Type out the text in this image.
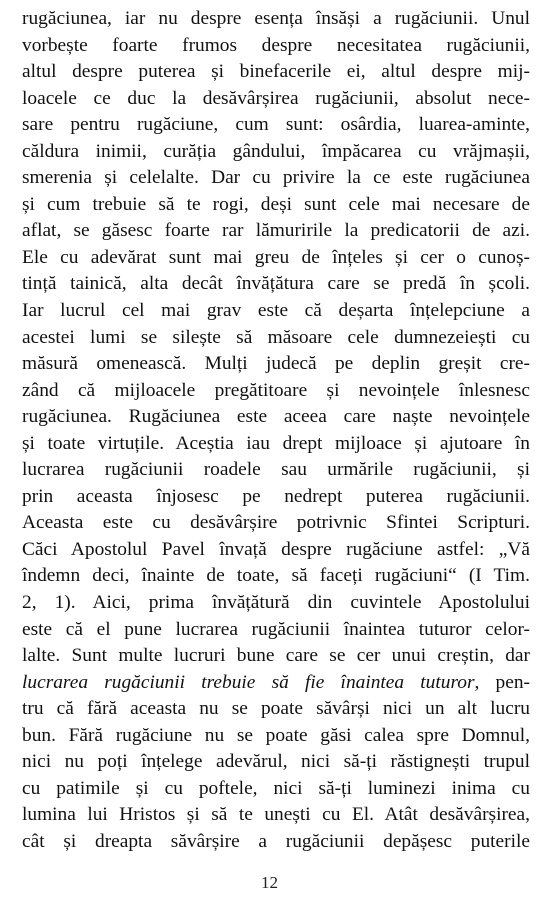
rugăciunea, iar nu despre esența însăși a rugăciunii. Unul
vorbește foarte frumos despre necesitatea rugăciunii,
altul despre puterea și binefacerile ei, altul despre mij-
loacele ce duc la desăvârșirea rugăciunii, absolut nece-
sare pentru rugăciune, cum sunt: osârdia, luarea-aminte,
căldura inimii, curăția gândului, împăcarea cu vrăjmașii,
smerenia și celelalte. Dar cu privire la ce este rugăciunea
și cum trebuie să te rogi, deși sunt cele mai necesare de
aflat, se găsesc foarte rar lămuririle la predicatorii de azi.
Ele cu adevărat sunt mai greu de înțeles și cer o cunoș-
tință tainică, alta decât învățătura care se predă în școli.
Iar lucrul cel mai grav este că deșarta înțelepciune a
acestei lumi se silește să măsoare cele dumnezeiești cu
măsură omenească. Mulți judecă pe deplin greșit cre-
zând că mijloacele pregătitoare și nevoințele înlesnesc
rugăciunea. Rugăciunea este aceea care naște nevoințele
și toate virtuțile. Aceștia iau drept mijloace și ajutoare în
lucrarea rugăciunii roadele sau urmările rugăciunii, și
prin aceasta înjosesc pe nedrept puterea rugăciunii.
Aceasta este cu desăvârșire potrivnic Sfintei Scripturi.
Căci Apostolul Pavel învață despre rugăciune astfel: „Vă
îndemn deci, înainte de toate, să faceți rugăciuni“ (I Tim.
2, 1). Aici, prima învățătură din cuvintele Apostolului
este că el pune lucrarea rugăciunii înaintea tuturor celor-
lalte. Sunt multe lucruri bune care se cer unui creștin, dar
lucrarea rugăciunii trebuie să fie înaintea tuturor, pen-
tru că fără aceasta nu se poate săvârși nici un alt lucru
bun. Fără rugăciune nu se poate găsi calea spre Domnul,
nici nu poți înțelege adevărul, nici să-ți răstignești trupul
cu patimile și cu poftele, nici să-ți luminezi inima cu
lumina lui Hristos și să te unești cu El. Atât desăvârșirea,
cât și dreapta săvârșire a rugăciunii depășesc puterile
12
